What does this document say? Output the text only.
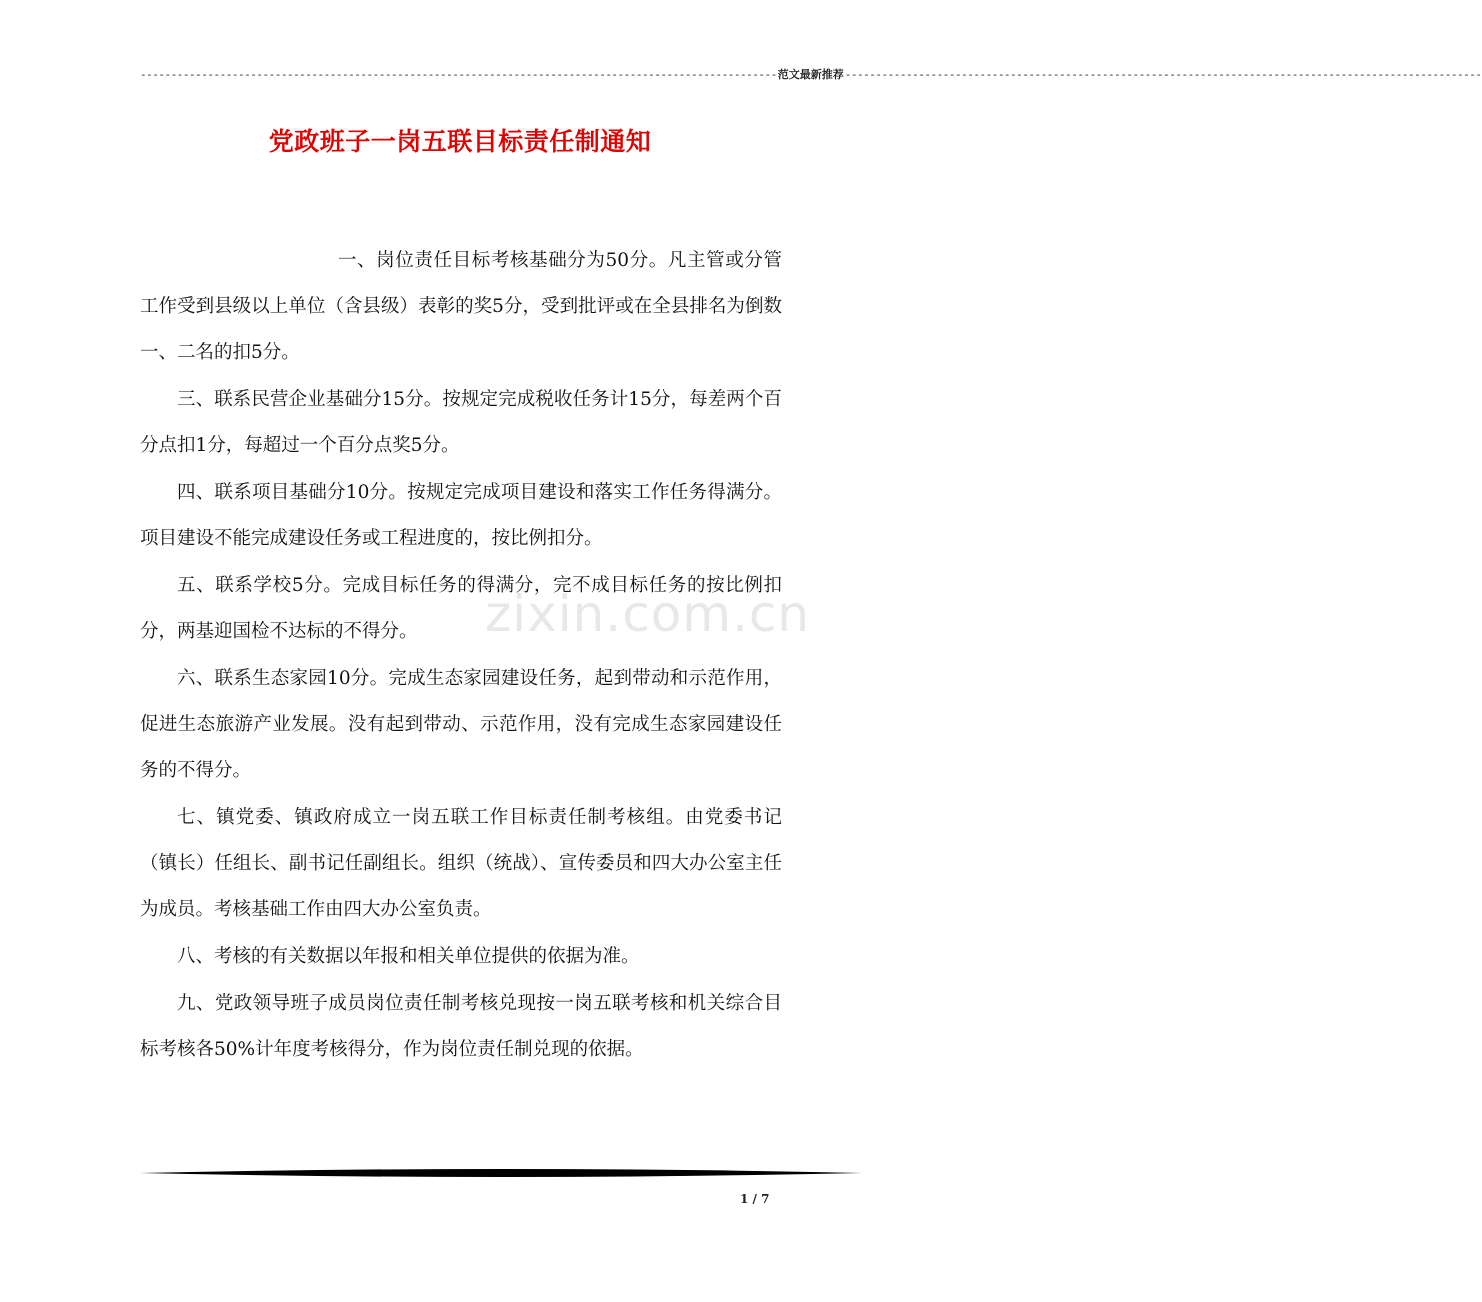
-------------------------------------------------------------------------------------------------------- 范文最新推荐 --------------------------------------------------------------------------------------------------------
党政班子一岗五联目标责任制通知

一、岗位责任目标考核基础分为50分。凡主管或分管工作受到县级以上单位（含县级）表彰的奖5分，受到批评或在全县排名为倒数一、二名的扣5分。

三、联系民营企业基础分15分。按规定完成税收任务计15分，每差两个百分点扣1分，每超过一个百分点奖5分。

四、联系项目基础分10分。按规定完成项目建设和落实工作任务得满分。项目建设不能完成建设任务或工程进度的，按比例扣分。

五、联系学校5分。完成目标任务的得满分，完不成目标任务的按比例扣分，两基迎国检不达标的不得分。

六、联系生态家园10分。完成生态家园建设任务，起到带动和示范作用，促进生态旅游产业发展。没有起到带动、示范作用，没有完成生态家园建设任务的不得分。

七、镇党委、镇政府成立一岗五联工作目标责任制考核组。由党委书记（镇长）任组长、副书记任副组长。组织（统战）、宣传委员和四大办公室主任为成员。考核基础工作由四大办公室负责。

八、考核的有关数据以年报和相关单位提供的依据为准。

九、党政领导班子成员岗位责任制考核兑现按一岗五联考核和机关综合目标考核各50%计年度考核得分，作为岗位责任制兑现的依据。

zixin.com.cn
1 / 7
